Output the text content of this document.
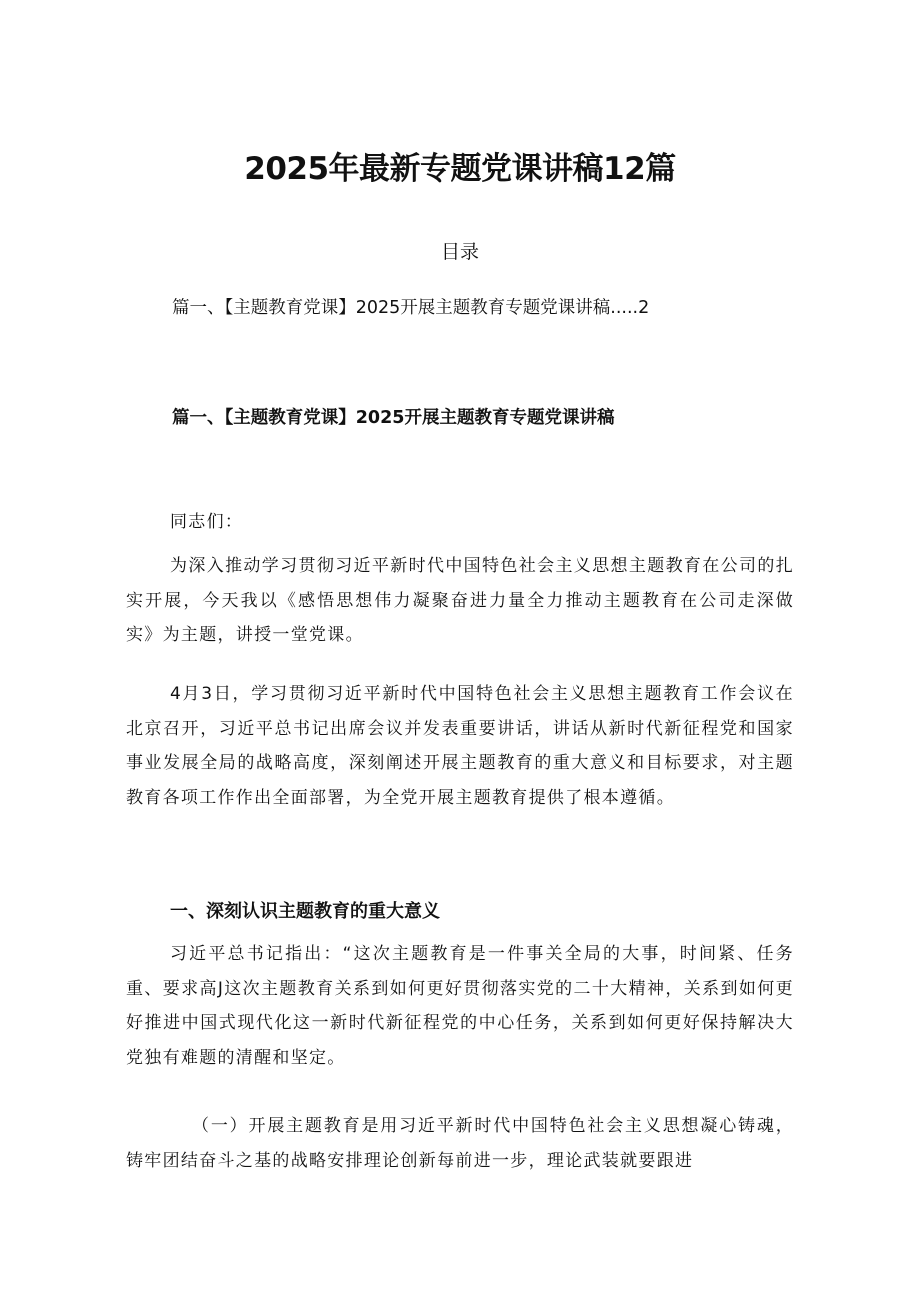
2025年最新专题党课讲稿12篇
目录
篇一、【主题教育党课】2025开展主题教育专题党课讲稿.....2
篇一、【主题教育党课】2025开展主题教育专题党课讲稿
同志们：
为深入推动学习贯彻习近平新时代中国特色社会主义思想主题教育在公司的扎实开展，今天我以《感悟思想伟力凝聚奋进力量全力推动主题教育在公司走深做实》为主题，讲授一堂党课。
4月3日，学习贯彻习近平新时代中国特色社会主义思想主题教育工作会议在北京召开，习近平总书记出席会议并发表重要讲话，讲话从新时代新征程党和国家事业发展全局的战略高度，深刻阐述开展主题教育的重大意义和目标要求，对主题教育各项工作作出全面部署，为全党开展主题教育提供了根本遵循。
一、深刻认识主题教育的重大意义
习近平总书记指出：“这次主题教育是一件事关全局的大事，时间紧、任务重、要求高J这次主题教育关系到如何更好贯彻落实党的二十大精神，关系到如何更好推进中国式现代化这一新时代新征程党的中心任务，关系到如何更好保持解决大党独有难题的清醒和坚定。
（一）开展主题教育是用习近平新时代中国特色社会主义思想凝心铸魂，铸牢团结奋斗之基的战略安排理论创新每前进一步，理论武装就要跟进
